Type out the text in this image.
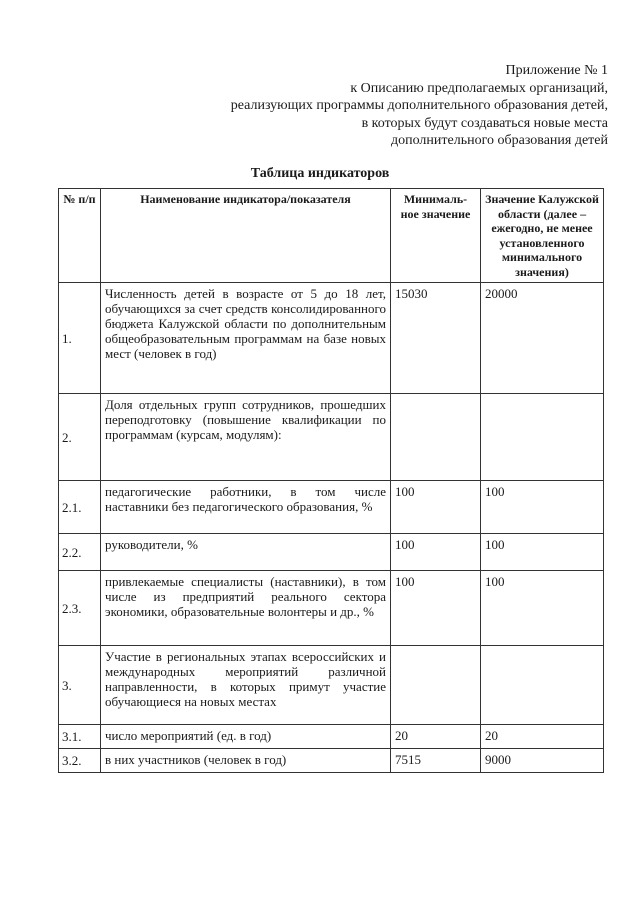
Приложение № 1
к Описанию предполагаемых организаций,
реализующих программы дополнительного образования детей,
в которых будут создаваться новые места
дополнительного образования детей
Таблица индикаторов
№ п/п	Наименование индикатора/показателя	Минималь-ное значение	Значение Калужской области (далее – ежегодно, не менее установленного минимального значения)
1.	Численность детей в возрасте от 5 до 18 лет, обучающихся за счет средств консолидированного бюджета Калужской области по дополнительным общеобразовательным программам на базе новых мест (человек в год)	15030	20000
2.	Доля отдельных групп сотрудников, прошедших переподготовку (повышение квалификации по программам (курсам, модулям):		
2.1.	педагогические работники, в том числе наставники без педагогического образования, %	100	100
2.2.	руководители, %	100	100
2.3.	привлекаемые специалисты (наставники), в том числе из предприятий реального сектора экономики, образовательные волонтеры и др., %	100	100
3.	Участие в региональных этапах всероссийских и международных мероприятий различной направленности, в которых примут участие обучающиеся на новых местах		
3.1.	число мероприятий (ед. в год)	20	20
3.2.	в них участников (человек в год)	7515	9000
